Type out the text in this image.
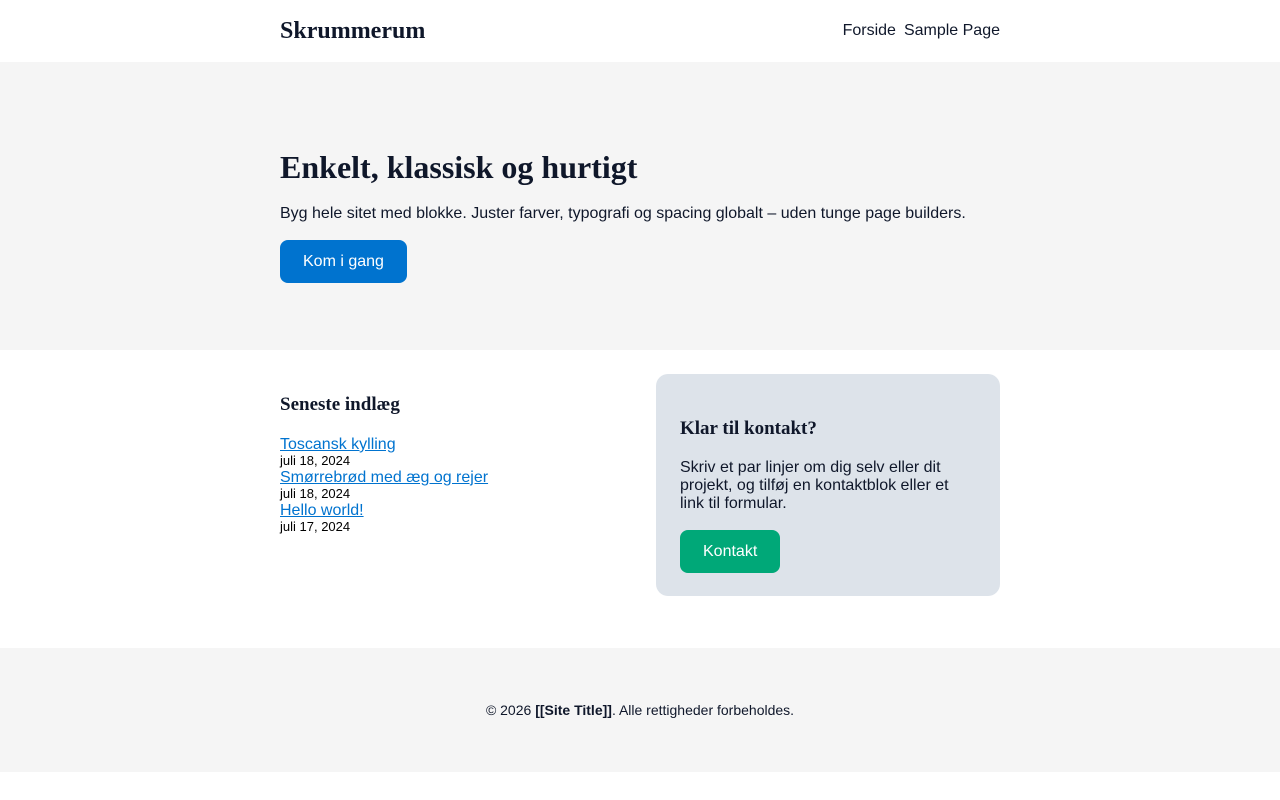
Skrummerum	Forside Sample Page
Enkelt, klassisk og hurtigt

Byg hele sitet med blokke. Juster farver, typografi og spacing globalt – uden tunge page builders.

Kom i gang
Seneste indlæg
Toscansk kylling
juli 18, 2024
Smørrebrød med æg og rejer
juli 18, 2024
Hello world!
juli 17, 2024
Klar til kontakt?

Skriv et par linjer om dig selv eller dit projekt, og tilføj en kontaktblok eller et link til formular.

Kontakt

© 2026 [[Site Title]]. Alle rettigheder forbeholdes.
